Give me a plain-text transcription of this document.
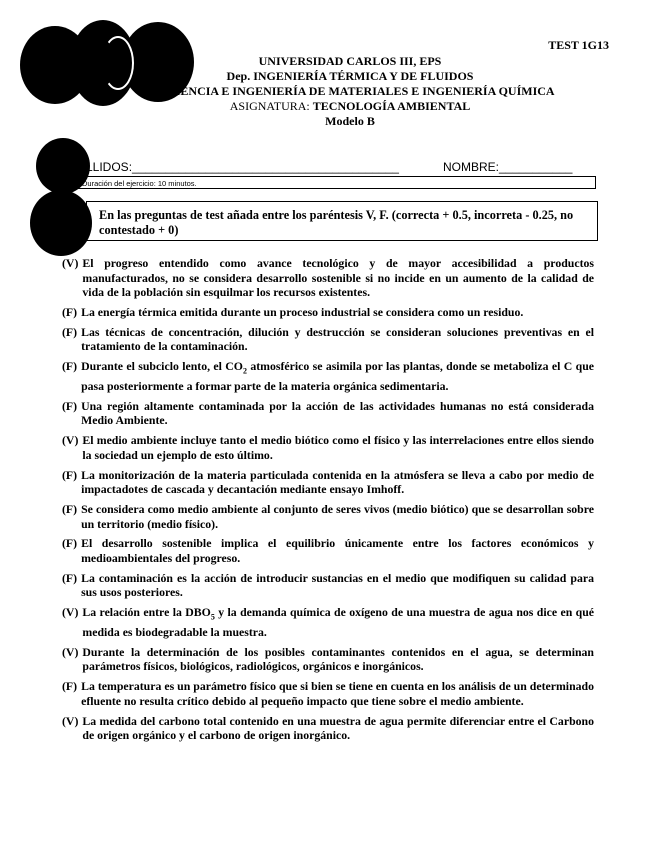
TEST 1G13
UNIVERSIDAD CARLOS III, EPS
Dep. INGENIERÍA TÉRMICA Y DE FLUIDOS
Dep. CIENCIA E INGENIERÍA DE MATERIALES E INGENIERÍA QUÍMICA
ASIGNATURA: TECNOLOGÍA AMBIENTAL
Modelo B
ELLIDOS:________________________________________	NOMBRE:___________
Duración del ejercicio: 10 minutos.
En las preguntas de test añada entre los paréntesis V, F. (correcta + 0.5, incorreta - 0.25, no contestado + 0)
(V) El progreso entendido como avance tecnológico y de mayor accesibilidad a productos manufacturados, no se considera desarrollo sostenible si no incide en un aumento de la calidad de vida de la población sin esquilmar los recursos existentes.
(F) La energía térmica emitida durante un proceso industrial se considera como un residuo.
(F) Las técnicas de concentración, dilución y destrucción se consideran soluciones preventivas en el tratamiento de la contaminación.
(F) Durante el subciclo lento, el $CO_2$ atmosférico se asimila por las plantas, donde se metaboliza el C que pasa posteriormente a formar parte de la materia orgánica sedimentaria.
(F) Una región altamente contaminada por la acción de las actividades humanas no está considerada Medio Ambiente.
(V) El medio ambiente incluye tanto el medio biótico como el físico y las interrelaciones entre ellos siendo la sociedad un ejemplo de esto último.
(F) La monitorización de la materia particulada contenida en la atmósfera se lleva a cabo por medio de impactadotes de cascada y decantación mediante ensayo Imhoff.
(F) Se considera como medio ambiente al conjunto de seres vivos (medio biótico) que se desarrollan sobre un territorio (medio físico).
(F) El desarrollo sostenible implica el equilibrio únicamente entre los factores económicos y medioambientales del progreso.
(F) La contaminación es la acción de introducir sustancias en el medio que modifiquen su calidad para sus usos posteriores.
(V) La relación entre la $DBO_5$ y la demanda química de oxígeno de una muestra de agua nos dice en qué medida es biodegradable la muestra.
(V) Durante la determinación de los posibles contaminantes contenidos en el agua, se determinan parámetros físicos, biológicos, radiológicos, orgánicos e inorgánicos.
(F) La temperatura es un parámetro físico que si bien se tiene en cuenta en los análisis de un determinado efluente no resulta crítico debido al pequeño impacto que tiene sobre el medio ambiente.
(V) La medida del carbono total contenido en una muestra de agua permite diferenciar entre el Carbono de origen orgánico y el carbono de origen inorgánico.
